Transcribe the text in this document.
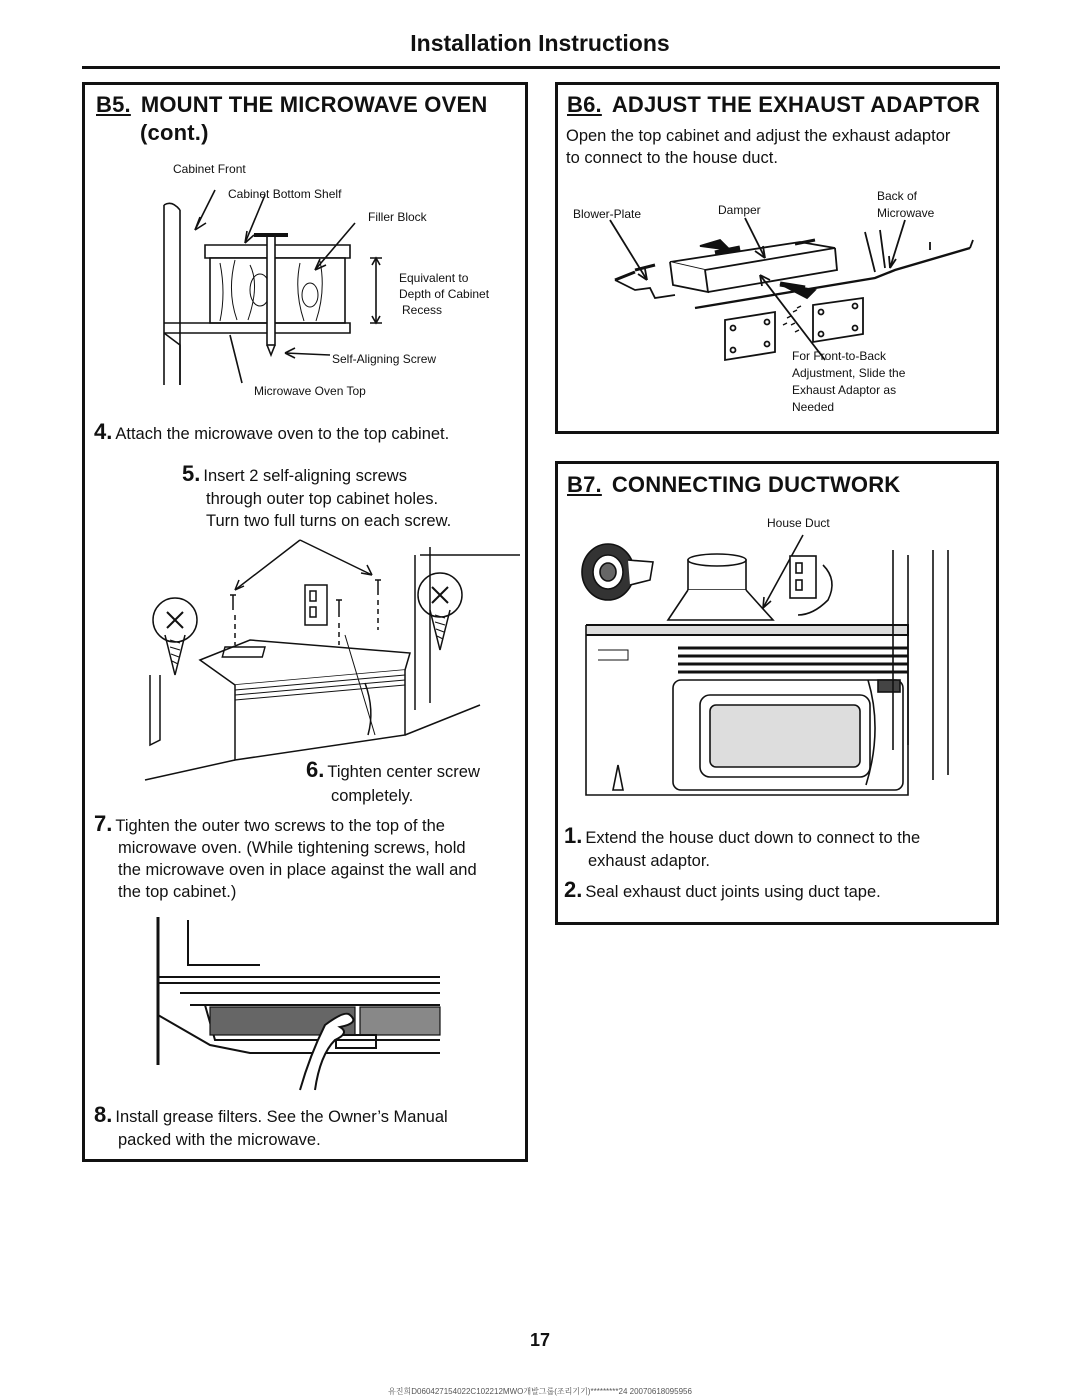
Installation Instructions
B5. MOUNT THE MICROWAVE OVEN
(cont.)
Cabinet Front
Cabinet Bottom Shelf
Filler Block
Equivalent to
Depth of Cabinet
Recess
Self-Aligning Screw
Microwave Oven Top
4. Attach the microwave oven to the top cabinet.
5. Insert 2 self-aligning screws
through outer top cabinet holes.
Turn two full turns on each screw.
6. Tighten center screw
completely.
7. Tighten the outer two screws to the top of the
microwave oven. (While tightening screws, hold
the microwave oven in place against the wall and
the top cabinet.)
8. Install grease filters. See the Owner’s Manual
packed with the microwave.
B6. ADJUST THE EXHAUST ADAPTOR
Open the top cabinet and adjust the exhaust adaptor
to connect to the house duct.
Blower-Plate	Damper
Back of
Microwave
For Front-to-Back
Adjustment, Slide the
Exhaust Adaptor as
Needed
B7. CONNECTING DUCTWORK
House Duct
1. Extend the house duct down to connect to the
exhaust adaptor.
2. Seal exhaust duct joints using duct tape.
17
유진희D060427154022C102212MWO개발그룹(조리기기)*********24 20070618095956
